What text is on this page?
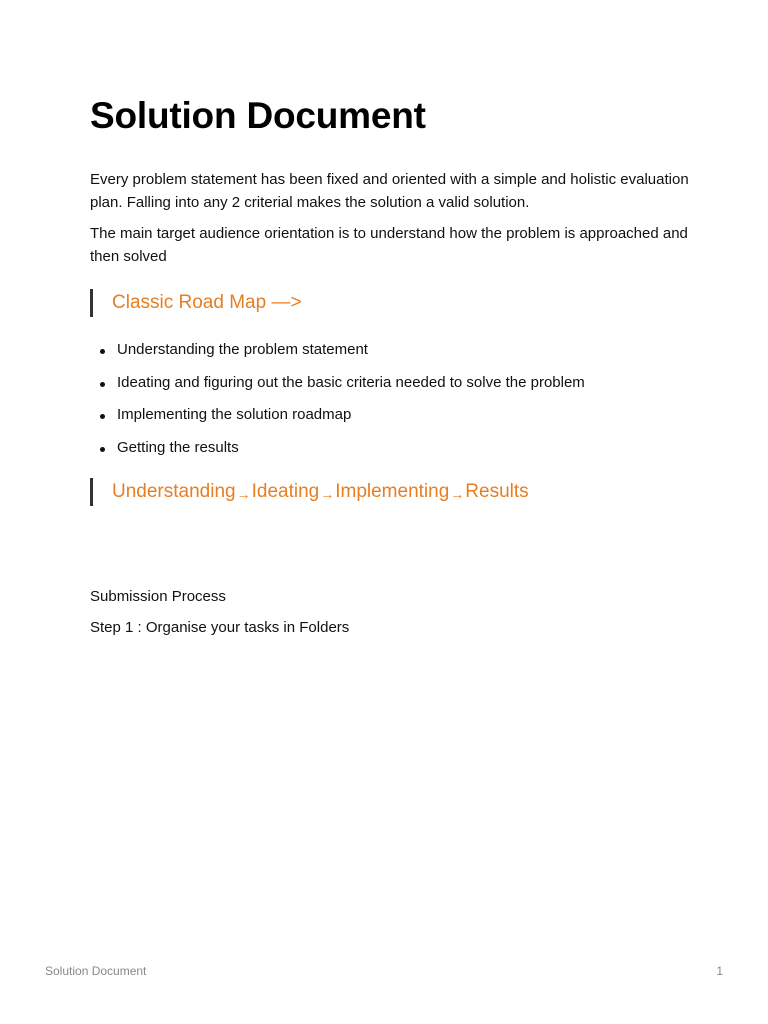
Solution Document

Every problem statement has been fixed and oriented with a simple and holistic evaluation plan. Falling into any 2 criterial makes the solution a valid solution.

The main target audience orientation is to understand how the problem is approached and then solved

Classic Road Map —>
Understanding the problem statement
Ideating and figuring out the basic criteria needed to solve the problem
Implementing the solution roadmap
Getting the results
Understanding→Ideating→Implementing→Results

Submission Process

Step 1 : Organise your tasks in Folders

Solution Document	1
